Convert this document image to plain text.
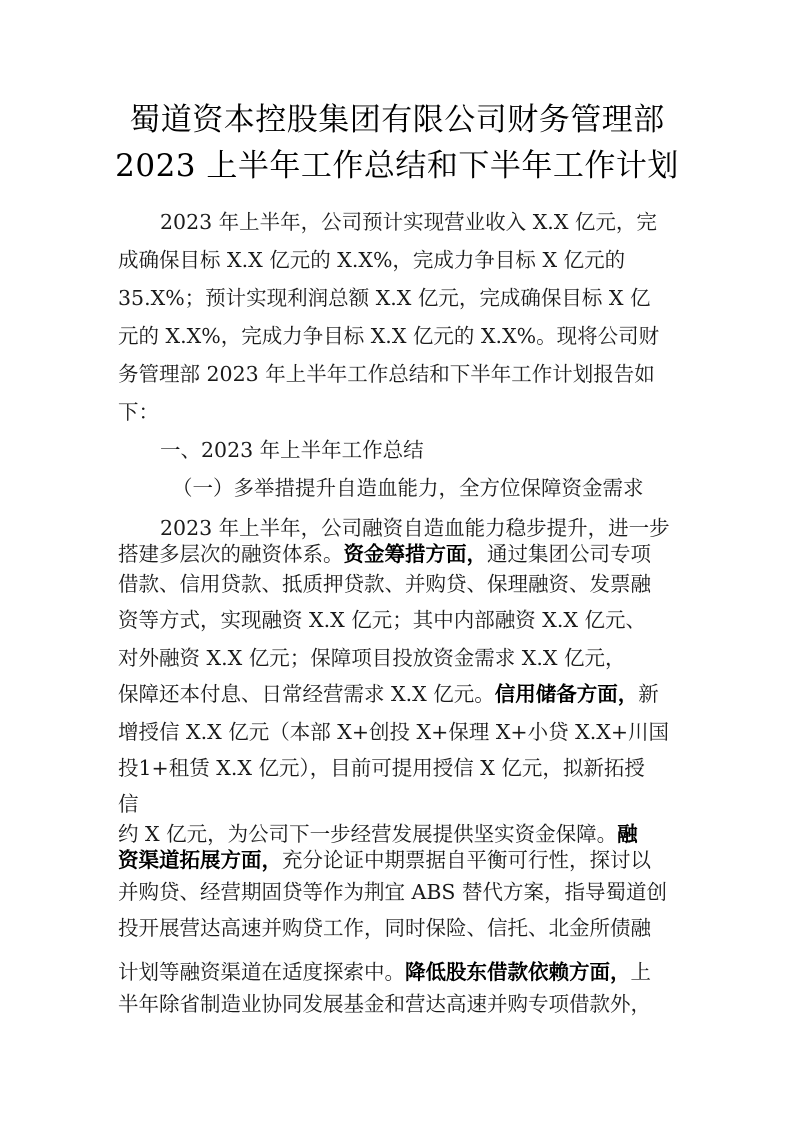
蜀道资本控股集团有限公司财务管理部
2023 上半年工作总结和下半年工作计划
2023 年上半年，公司预计实现营业收入 X.X 亿元，完
成确保目标 X.X 亿元的 X.X%，完成力争目标 X 亿元的
35.X%；预计实现利润总额 X.X 亿元，完成确保目标 X 亿
元的 X.X%，完成力争目标 X.X 亿元的 X.X%。现将公司财
务管理部 2023 年上半年工作总结和下半年工作计划报告如
下：
一、2023 年上半年工作总结
（一）多举措提升自造血能力，全方位保障资金需求
2023 年上半年，公司融资自造血能力稳步提升，进一步
搭建多层次的融资体系。资金筹措方面，通过集团公司专项
借款、信用贷款、抵质押贷款、并购贷、保理融资、发票融
资等方式，实现融资 X.X 亿元；其中内部融资 X.X 亿元、
对外融资 X.X 亿元；保障项目投放资金需求 X.X 亿元，
保障还本付息、日常经营需求 X.X 亿元。信用储备方面，新
增授信 X.X 亿元（本部 X+创投 X+保理 X+小贷 X.X+川国
投1+租赁 X.X 亿元），目前可提用授信 X 亿元，拟新拓授
信
约 X 亿元，为公司下一步经营发展提供坚实资金保障。融
资渠道拓展方面，充分论证中期票据自平衡可行性，探讨以
并购贷、经营期固贷等作为荆宜 ABS 替代方案，指导蜀道创
投开展营达高速并购贷工作，同时保险、信托、北金所债融
计划等融资渠道在适度探索中。降低股东借款依赖方面，上
半年除省制造业协同发展基金和营达高速并购专项借款外，
